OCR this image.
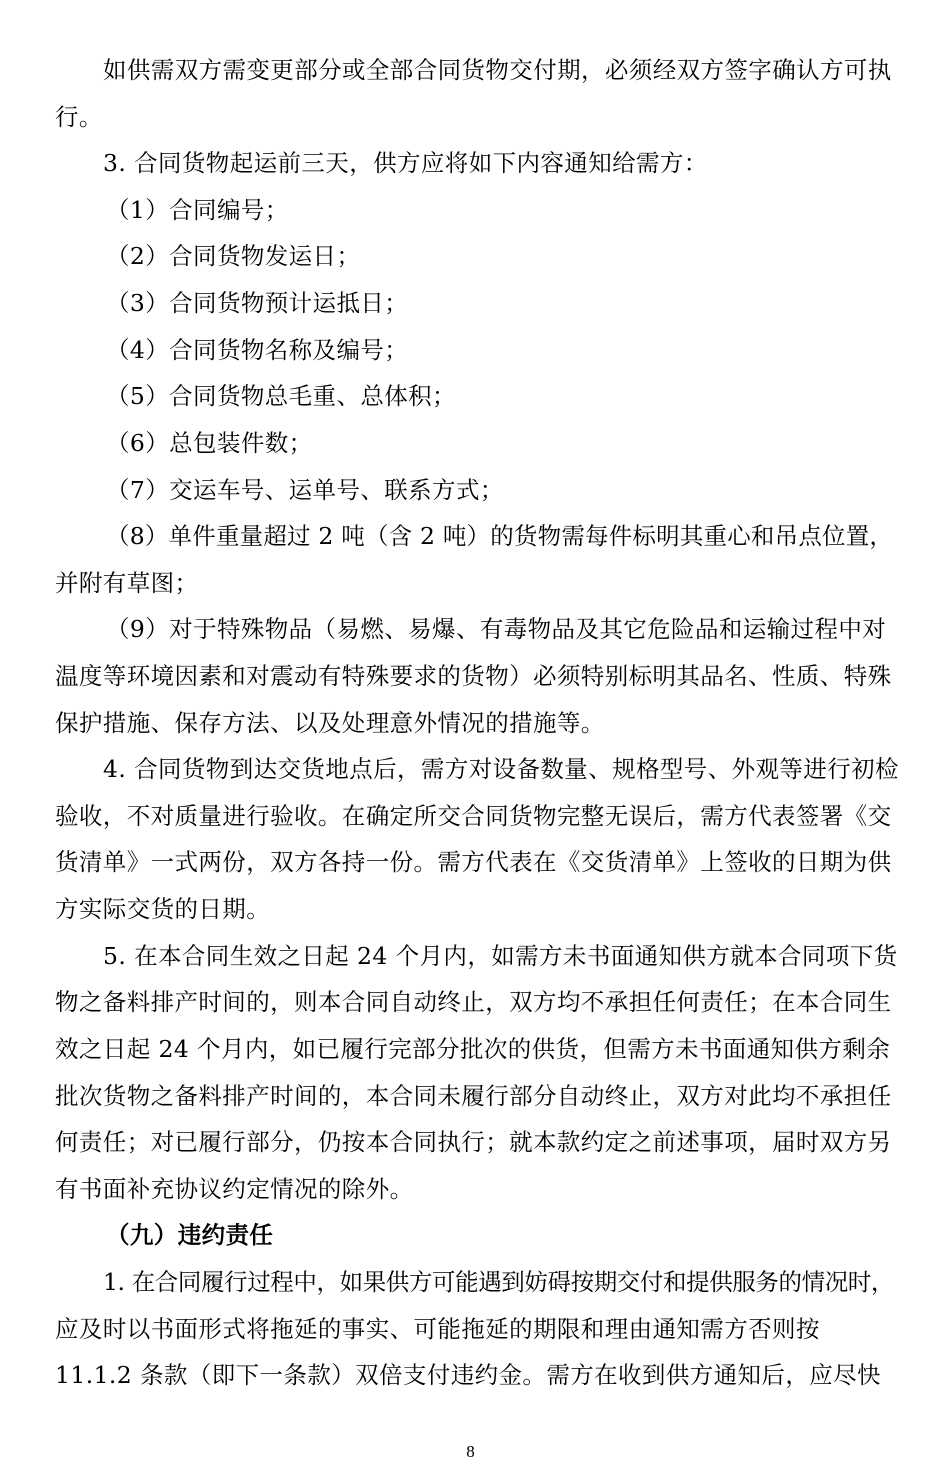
如供需双方需变更部分或全部合同货物交付期，必须经双方签字确认方可执
行。
3. 合同货物起运前三天，供方应将如下内容通知给需方：
（1）合同编号；
（2）合同货物发运日；
（3）合同货物预计运抵日；
（4）合同货物名称及编号；
（5）合同货物总毛重、总体积；
（6）总包装件数；
（7）交运车号、运单号、联系方式；
（8）单件重量超过 2 吨（含 2 吨）的货物需每件标明其重心和吊点位置，
并附有草图；
（9）对于特殊物品（易燃、易爆、有毒物品及其它危险品和运输过程中对
温度等环境因素和对震动有特殊要求的货物）必须特别标明其品名、性质、特殊
保护措施、保存方法、以及处理意外情况的措施等。
4. 合同货物到达交货地点后，需方对设备数量、规格型号、外观等进行初检
验收，不对质量进行验收。在确定所交合同货物完整无误后，需方代表签署《交
货清单》一式两份，双方各持一份。需方代表在《交货清单》上签收的日期为供
方实际交货的日期。
5. 在本合同生效之日起 24 个月内，如需方未书面通知供方就本合同项下货
物之备料排产时间的，则本合同自动终止，双方均不承担任何责任；在本合同生
效之日起 24 个月内，如已履行完部分批次的供货，但需方未书面通知供方剩余
批次货物之备料排产时间的，本合同未履行部分自动终止，双方对此均不承担任
何责任；对已履行部分，仍按本合同执行；就本款约定之前述事项，届时双方另
有书面补充协议约定情况的除外。
（九）违约责任
1. 在合同履行过程中，如果供方可能遇到妨碍按期交付和提供服务的情况时，
应及时以书面形式将拖延的事实、可能拖延的期限和理由通知需方否则按
11.1.2 条款（即下一条款）双倍支付违约金。需方在收到供方通知后，应尽快
8
